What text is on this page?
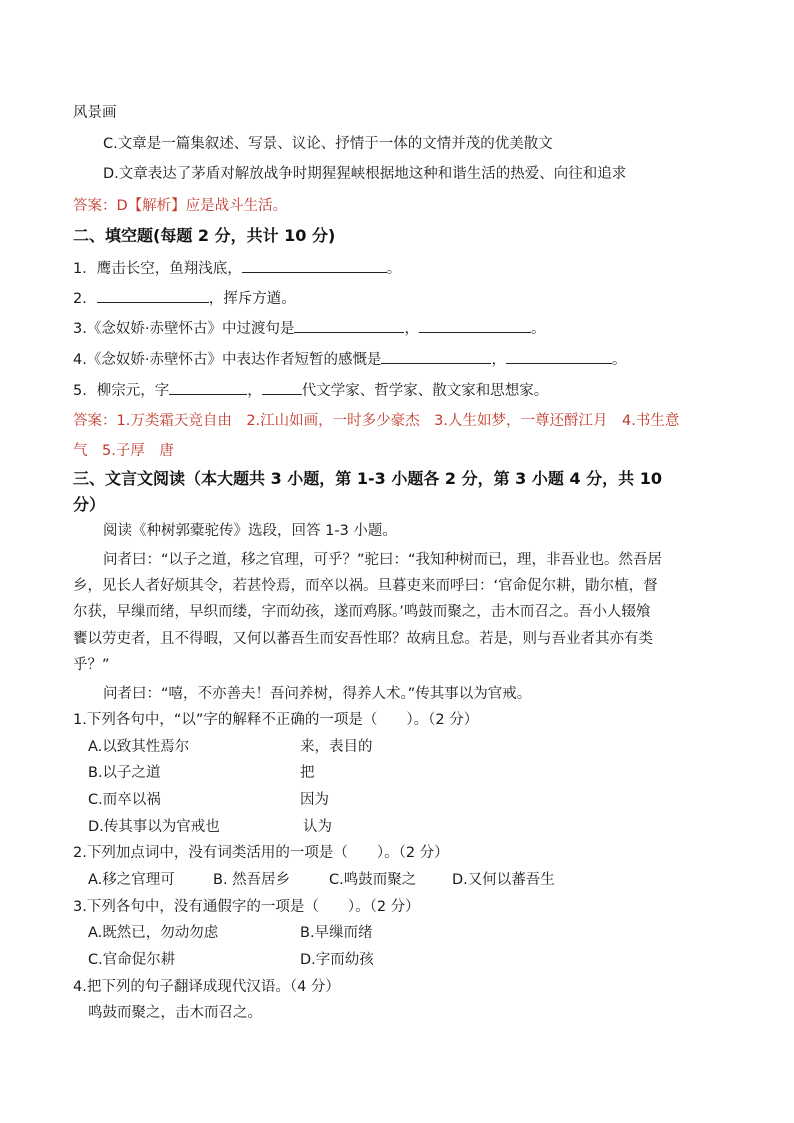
风景画
C.文章是一篇集叙述、写景、议论、抒情于一体的文情并茂的优美散文
D.文章表达了茅盾对解放战争时期猩猩峡根据地这种和谐生活的热爱、向往和追求
答案：D【解析】应是战斗生活。
二、填空题(每题 2 分，共计 10 分)
1．鹰击长空，鱼翔浅底，	。
2．	，挥斥方遒。
3.《念奴娇·赤壁怀古》中过渡句是	，	。
4.《念奴娇·赤壁怀古》中表达作者短暂的感慨是	，	。
5．柳宗元，字	，	代文学家、哲学家、散文家和思想家。
答案：1.万类霜天竞自由　2.江山如画，一时多少豪杰　3.人生如梦，一尊还酹江月　4.书生意
气　5.子厚　唐
三、文言文阅读（本大题共 3 小题，第 1-3 小题各 2 分，第 3 小题 4 分，共 10
分）
阅读《种树郭橐驼传》选段，回答 1-3 小题。
问者曰：“以子之道，移之官理，可乎？”驼曰：“我知种树而已，理，非吾业也。然吾居
乡，见长人者好烦其令，若甚怜焉，而卒以祸。旦暮吏来而呼曰：‘官命促尔耕，勖尔植，督
尔获，早缫而绪，早织而缕，字而幼孩，遂而鸡豚。’鸣鼓而聚之，击木而召之。吾小人辍飧
饔以劳吏者，且不得暇，又何以蕃吾生而安吾性耶？故病且怠。若是，则与吾业者其亦有类
乎？”
问者曰：“嘻，不亦善夫！吾问养树，得养人术。”传其事以为官戒。
1.下列各句中，“以”字的解释不正确的一项是（　　）。（2 分）
A.以致其性焉尔	来，表目的
B.以子之道	把
C.而卒以祸	因为
D.传其事以为官戒也	认为
2.下列加点词中，没有词类活用的一项是（　　）。（2 分）
A.移之官理可	B. 然吾居乡	C.鸣鼓而聚之 D.又何以蕃吾生
3.下列各句中，没有通假字的一项是（　　）。（2 分）
A.既然已，勿动勿虑	B.早缫而绪
C.官命促尔耕	D.字而幼孩
4.把下列的句子翻译成现代汉语。（4 分）
鸣鼓而聚之，击木而召之。
